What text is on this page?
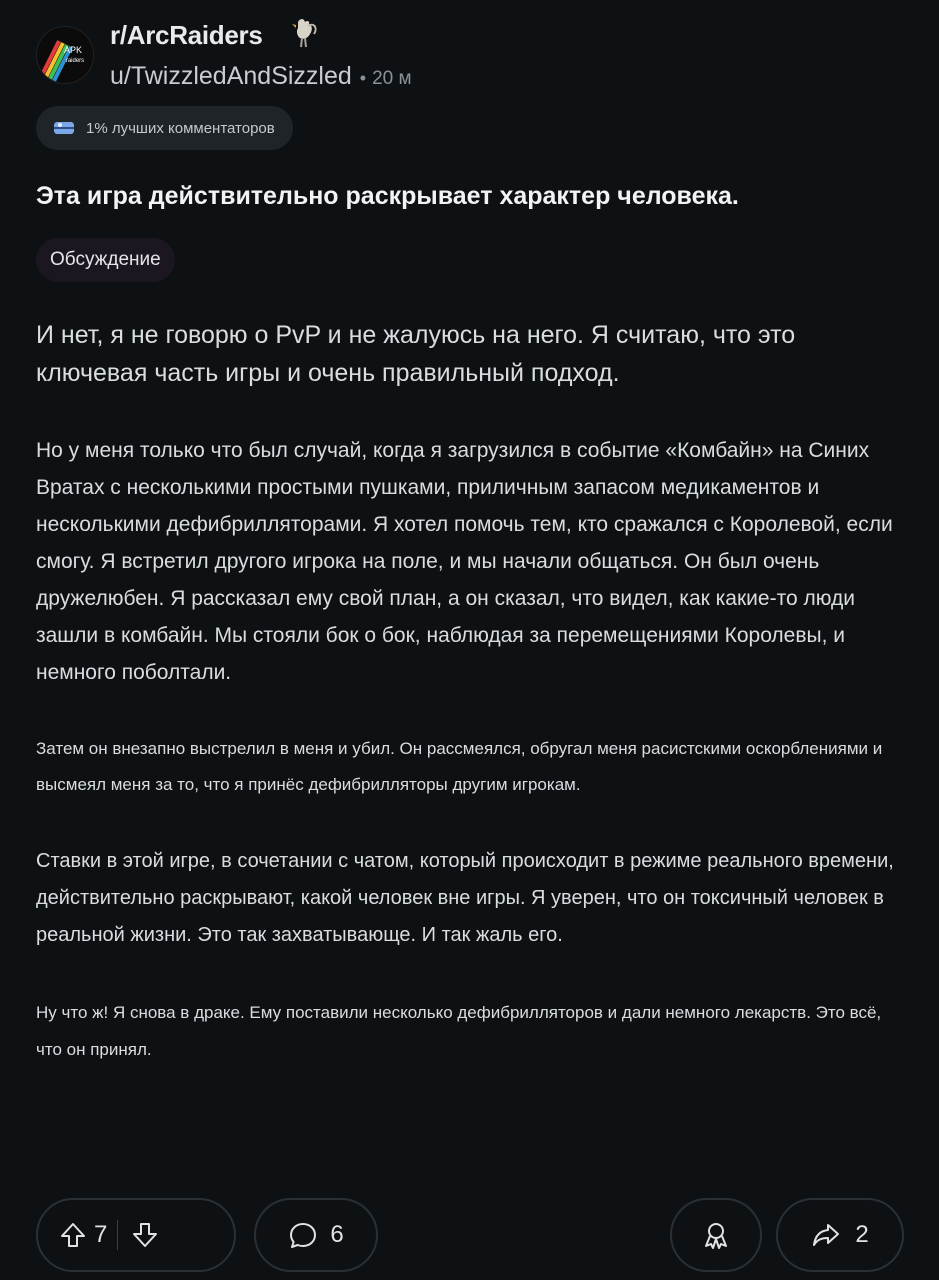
APK
raiders
r/ArcRaiders
u/TwizzledAndSizzled • 20 м
1% лучших комментаторов
Эта игра действительно раскрывает характер человека.
Обсуждение

И нет, я не говорю о PvP и не жалуюсь на него. Я считаю, что это ключевая часть игры и очень правильный подход.

Но у меня только что был случай, когда я загрузился в событие «Комбайн» на Синих Вратах с несколькими простыми пушками, приличным запасом медикаментов и несколькими дефибрилляторами. Я хотел помочь тем, кто сражался с Королевой, если смогу. Я встретил другого игрока на поле, и мы начали общаться. Он был очень дружелюбен. Я рассказал ему свой план, а он сказал, что видел, как какие-то люди зашли в комбайн. Мы стояли бок о бок, наблюдая за перемещениями Королевы, и немного поболтали.

Затем он внезапно выстрелил в меня и убил. Он рассмеялся, обругал меня расистскими оскорблениями и высмеял меня за то, что я принёс дефибрилляторы другим игрокам.

Ставки в этой игре, в сочетании с чатом, который происходит в режиме реального времени, действительно раскрывают, какой человек вне игры. Я уверен, что он токсичный человек в реальной жизни. Это так захватывающе. И так жаль его.

Ну что ж! Я снова в драке. Ему поставили несколько дефибрилляторов и дали немного лекарств. Это всё, что он принял.

7	6	2
